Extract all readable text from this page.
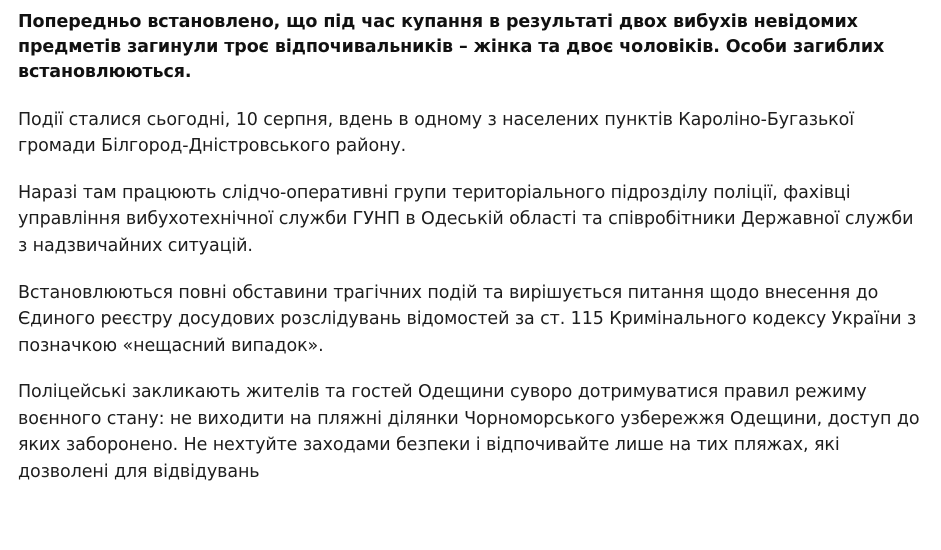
Попередньо встановлено, що під час купання в результаті двох вибухів невідомих предметів загинули троє відпочивальників – жінка та двоє чоловіків. Особи загиблих встановлюються.

Події сталися сьогодні, 10 серпня, вдень в одному з населених пунктів Кароліно-Бугазької громади Білгород-Дністровського району.

Наразі там працюють слідчо-оперативні групи територіального підрозділу поліції, фахівці управління вибухотехнічної служби ГУНП в Одеській області та співробітники Державної служби з надзвичайних ситуацій.

Встановлюються повні обставини трагічних подій та вирішується питання щодо внесення до Єдиного реєстру досудових розслідувань відомостей за ст. 115 Кримінального кодексу України з позначкою «нещасний випадок».

Поліцейські закликають жителів та гостей Одещини суворо дотримуватися правил режиму воєнного стану: не виходити на пляжні ділянки Чорноморського узбережжя Одещини, доступ до яких заборонено. Не нехтуйте заходами безпеки і відпочивайте лише на тих пляжах, які дозволені для відвідувань
